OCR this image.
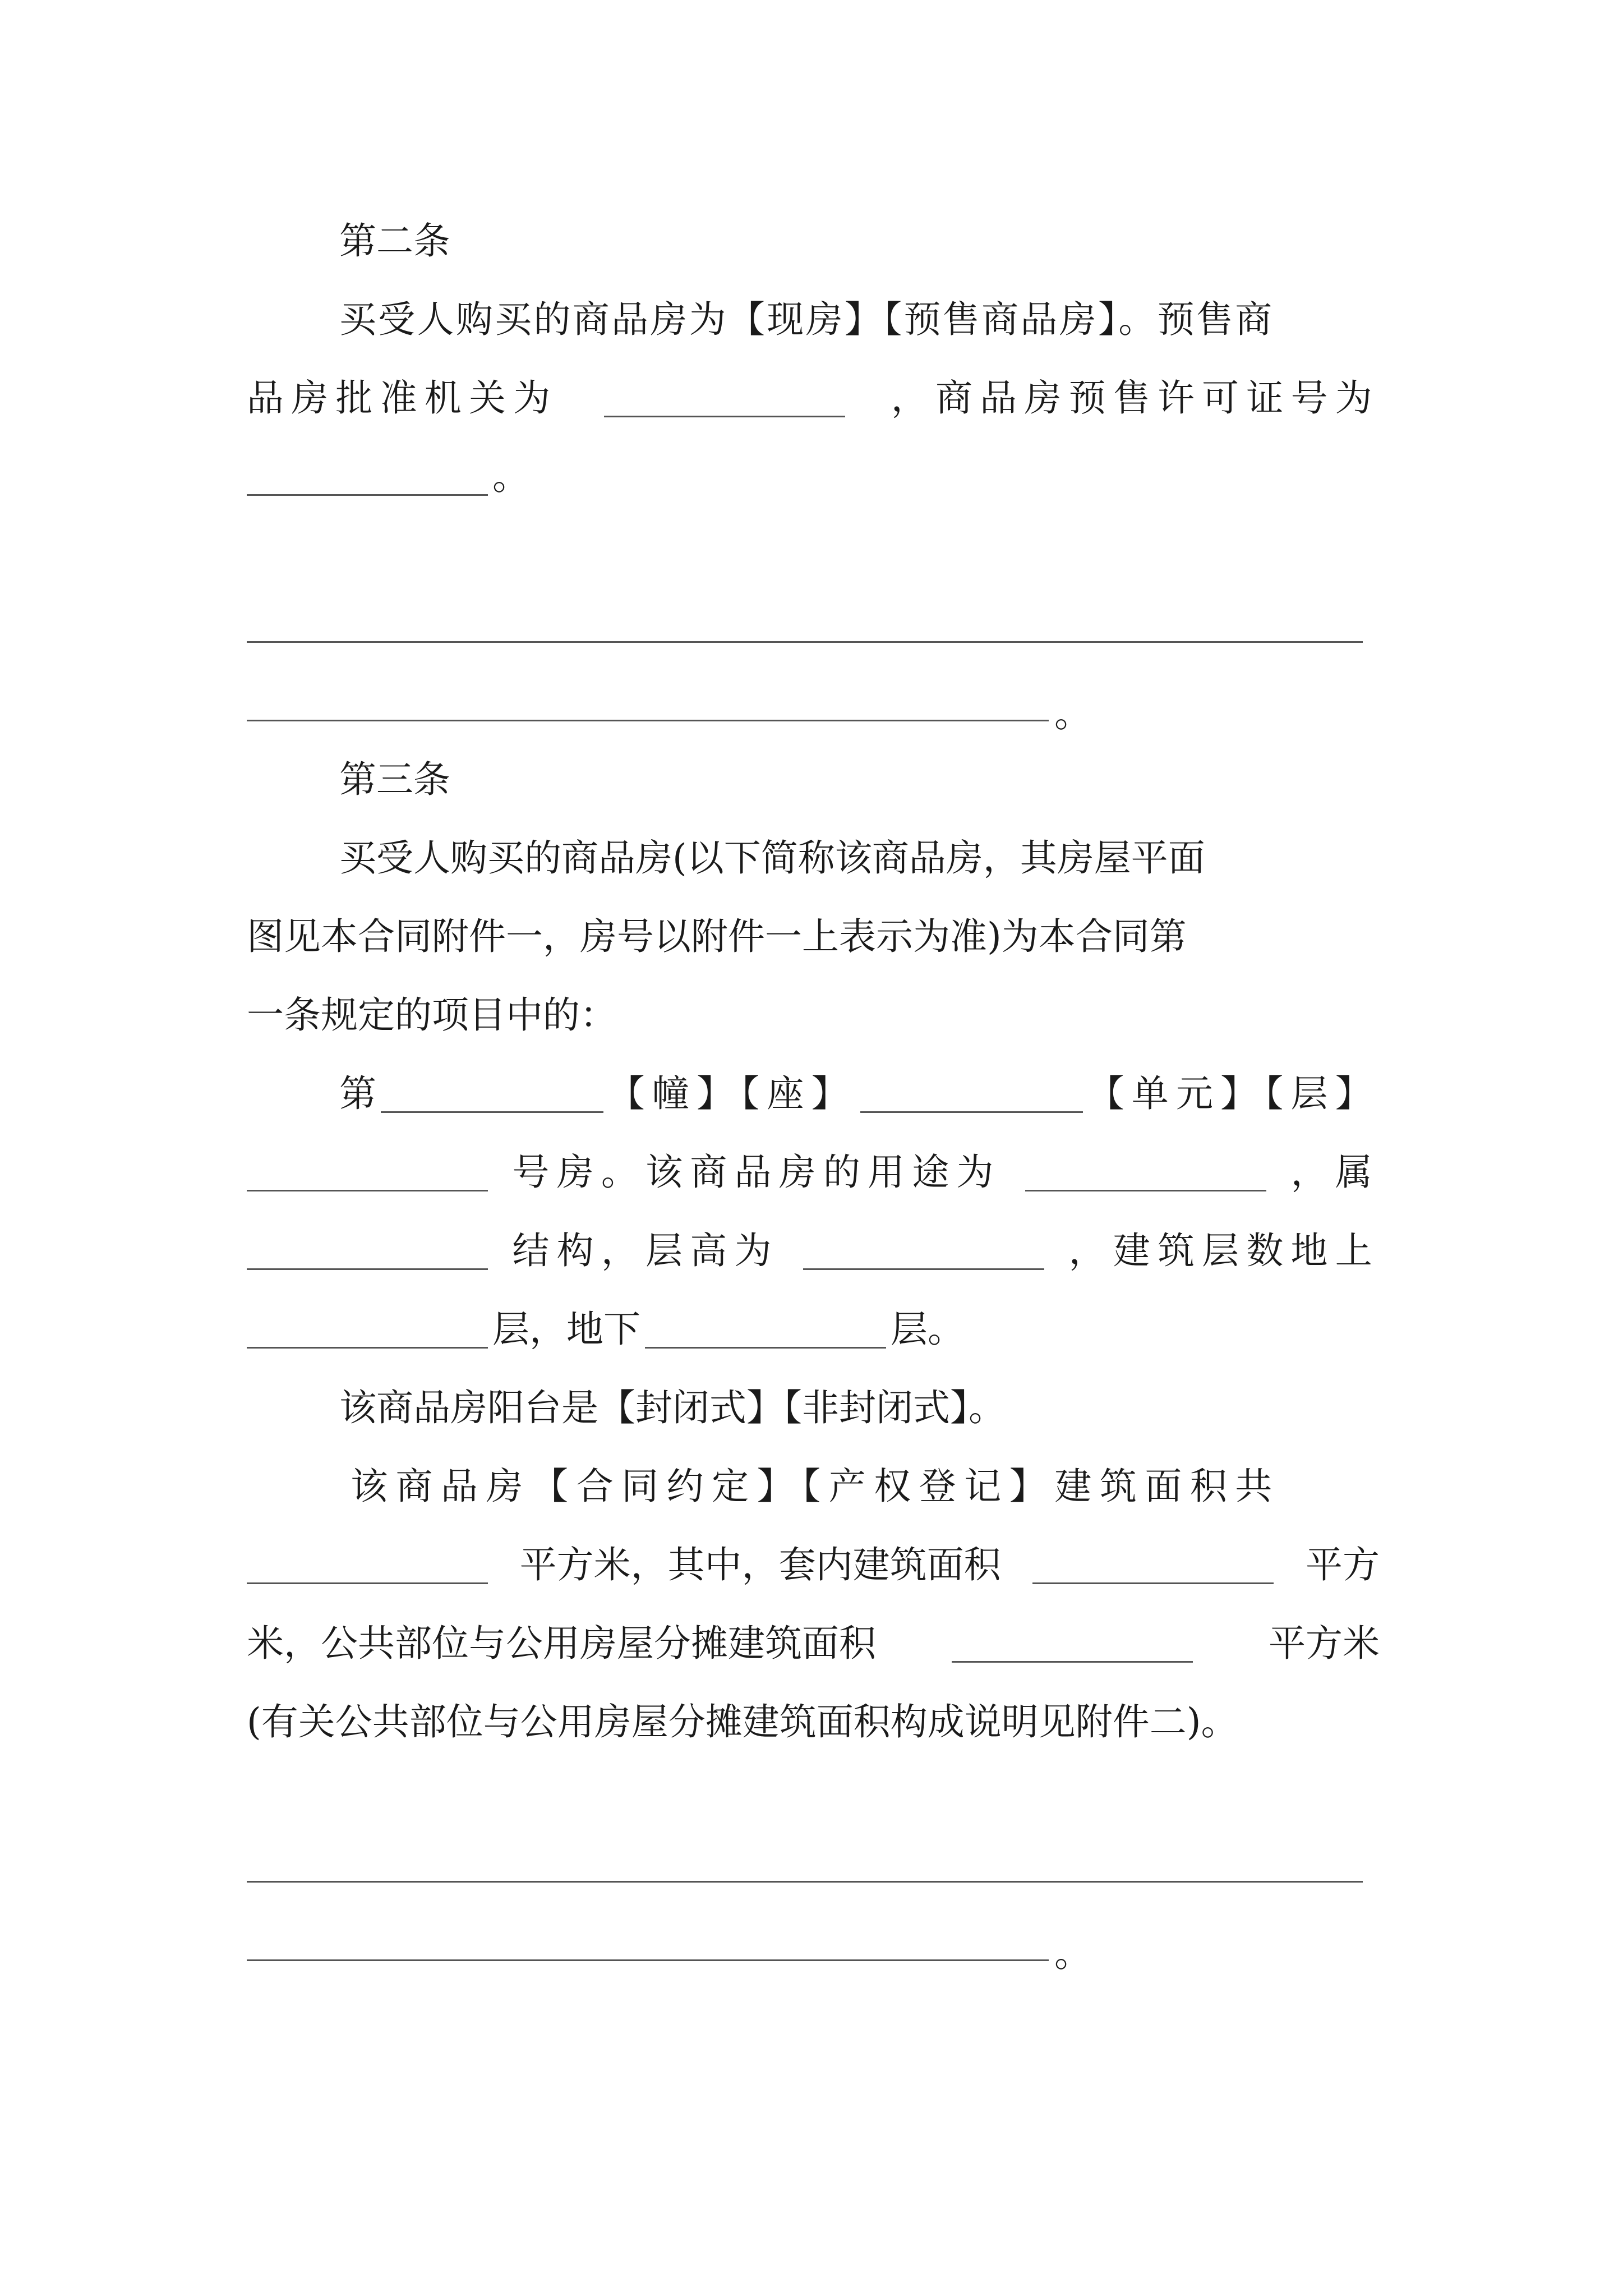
第二条
买受人购买的商品房为【现房】【预售商品房】。预售商
品房批准机关为	，商品房预售许可证号为
。
。
第三条
买受人购买的商品房(以下简称该商品房，其房屋平面
图见本合同附件一，房号以附件一上表示为准)为本合同第
一条规定的项目中的：
第	【幢】【座】	【单元】【层】
号房。该商品房的用途为	，属
结构，层高为	，建筑层数地上
层，地下	层。
该商品房阳台是【封闭式】【非封闭式】。
该商品房【合同约定】【产权登记】建筑面积共
平方米，其中，套内建筑面积	平方
米，公共部位与公用房屋分摊建筑面积	平方米
(有关公共部位与公用房屋分摊建筑面积构成说明见附件二)。
。
